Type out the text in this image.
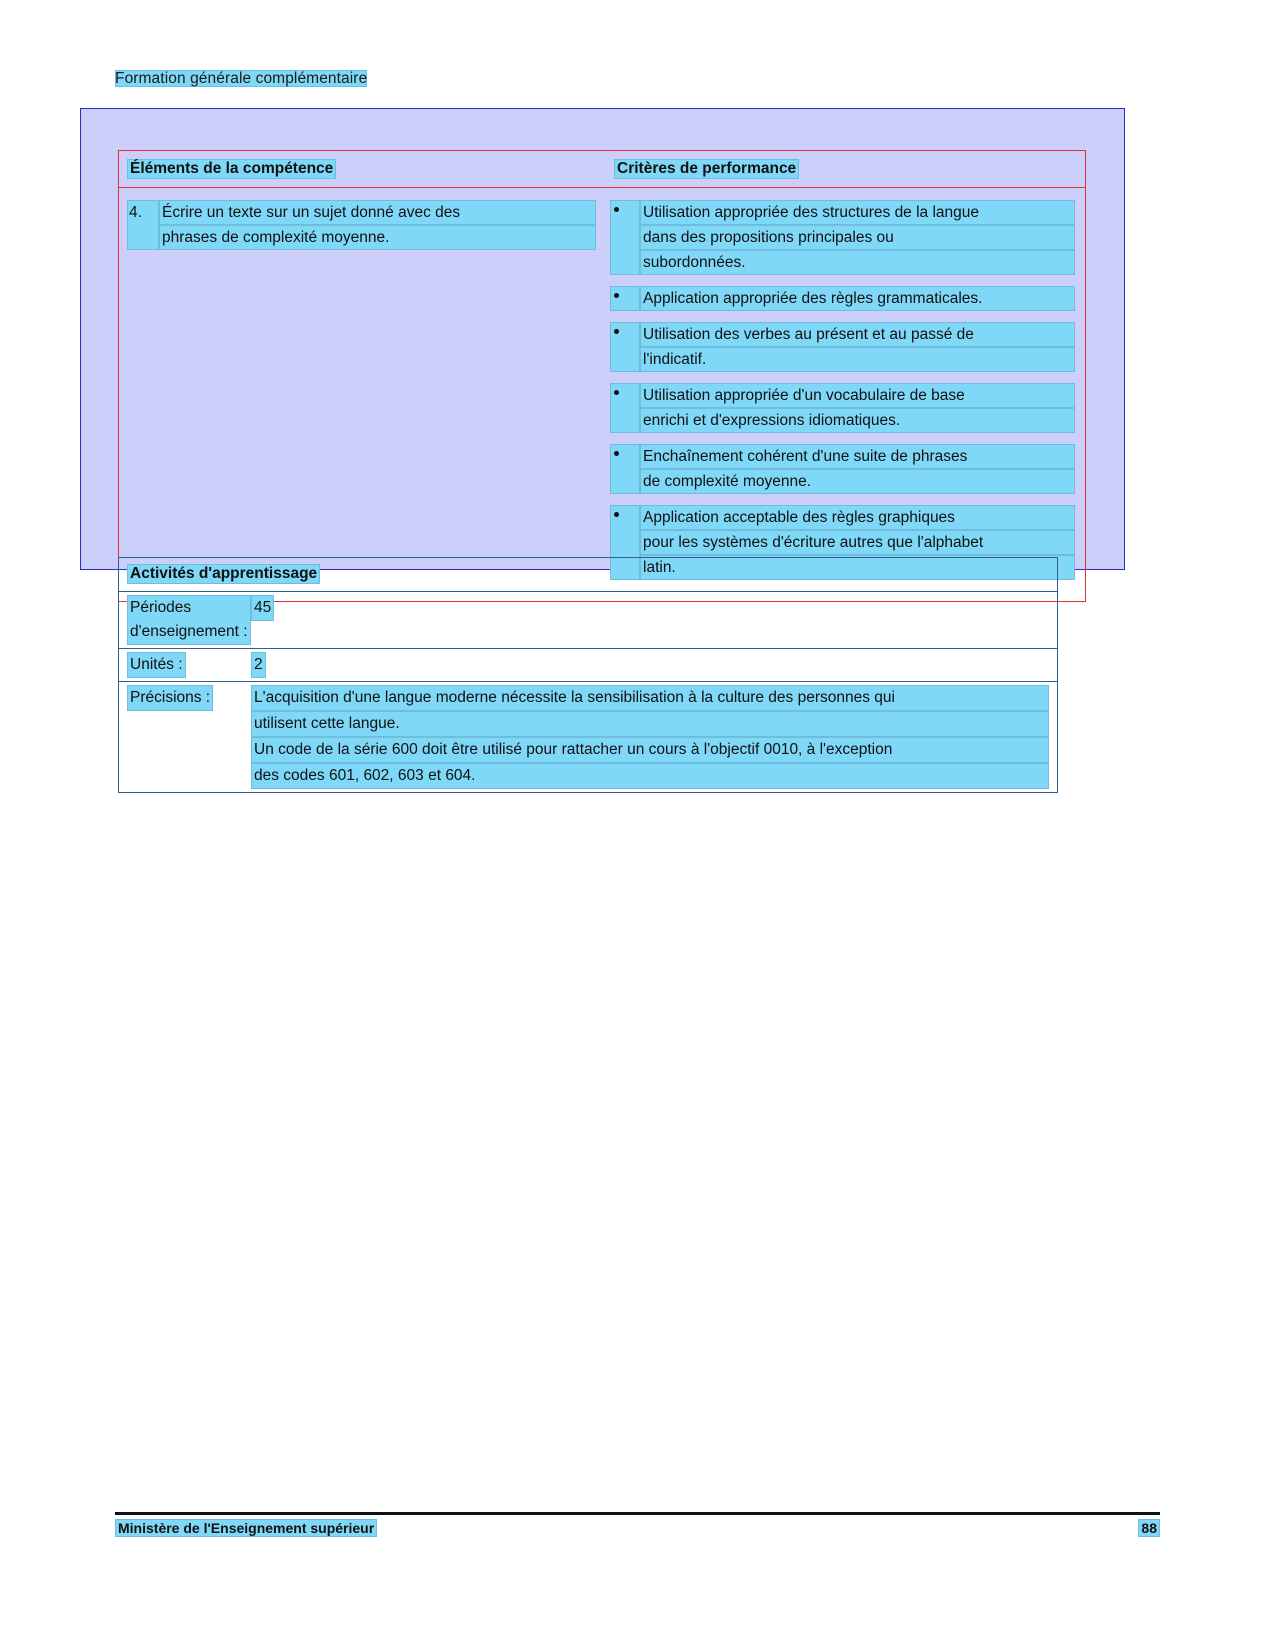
Formation générale complémentaire
Éléments de la compétence	Critères de performance
4.	Écrire un texte sur un sujet donné avec des
phrases de complexité moyenne.
Utilisation appropriée des structures de la langue
dans des propositions principales ou
subordonnées.
Application appropriée des règles grammaticales.
Utilisation des verbes au présent et au passé de
l'indicatif.
Utilisation appropriée d'un vocabulaire de base
enrichi et d'expressions idiomatiques.
Enchaînement cohérent d'une suite de phrases
de complexité moyenne.
Application acceptable des règles graphiques
pour les systèmes d'écriture autres que l'alphabet
latin.
Activités d'apprentissage
Périodes d'enseignement :
45
Unités :	2
Précisions :	L'acquisition d'une langue moderne nécessite la sensibilisation à la culture des personnes qui
utilisent cette langue.
Un code de la série 600 doit être utilisé pour rattacher un cours à l'objectif 0010, à l'exception
des codes 601, 602, 603 et 604.
Ministère de l'Enseignement supérieur	88
